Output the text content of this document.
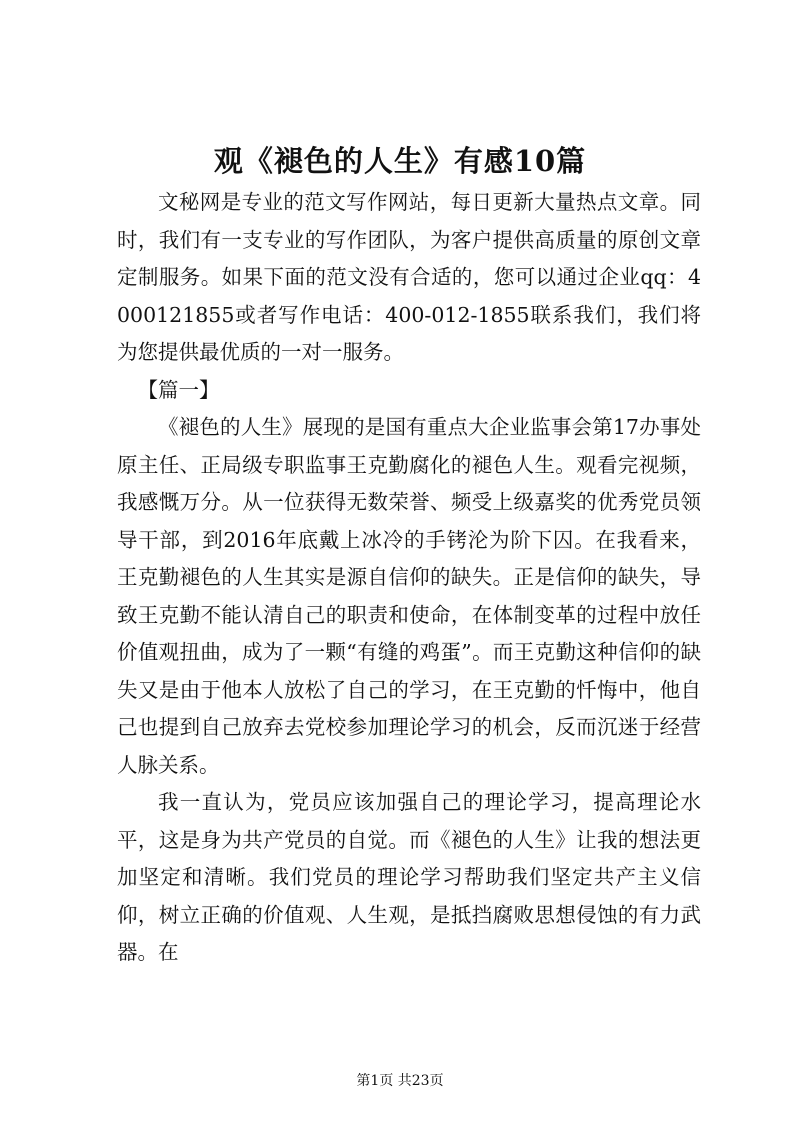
观《褪色的人生》有感10篇

文秘网是专业的范文写作网站，每日更新大量热点文章。同时，我们有一支专业的写作团队，为客户提供高质量的原创文章定制服务。如果下面的范文没有合适的，您可以通过企业qq：4000121855或者写作电话：400-012-1855联系我们，我们将为您提供最优质的一对一服务。

【篇一】

《褪色的人生》展现的是国有重点大企业监事会第17办事处原主任、正局级专职监事王克勤腐化的褪色人生。观看完视频，我感慨万分。从一位获得无数荣誉、频受上级嘉奖的优秀党员领导干部，到2016年底戴上冰冷的手铐沦为阶下囚。在我看来，王克勤褪色的人生其实是源自信仰的缺失。正是信仰的缺失，导致王克勤不能认清自己的职责和使命，在体制变革的过程中放任价值观扭曲，成为了一颗“有缝的鸡蛋”。而王克勤这种信仰的缺失又是由于他本人放松了自己的学习，在王克勤的忏悔中，他自己也提到自己放弃去党校参加理论学习的机会，反而沉迷于经营人脉关系。

我一直认为，党员应该加强自己的理论学习，提高理论水平，这是身为共产党员的自觉。而《褪色的人生》让我的想法更加坚定和清晰。我们党员的理论学习帮助我们坚定共产主义信仰，树立正确的价值观、人生观，是抵挡腐败思想侵蚀的有力武器。在

第1页 共23页
